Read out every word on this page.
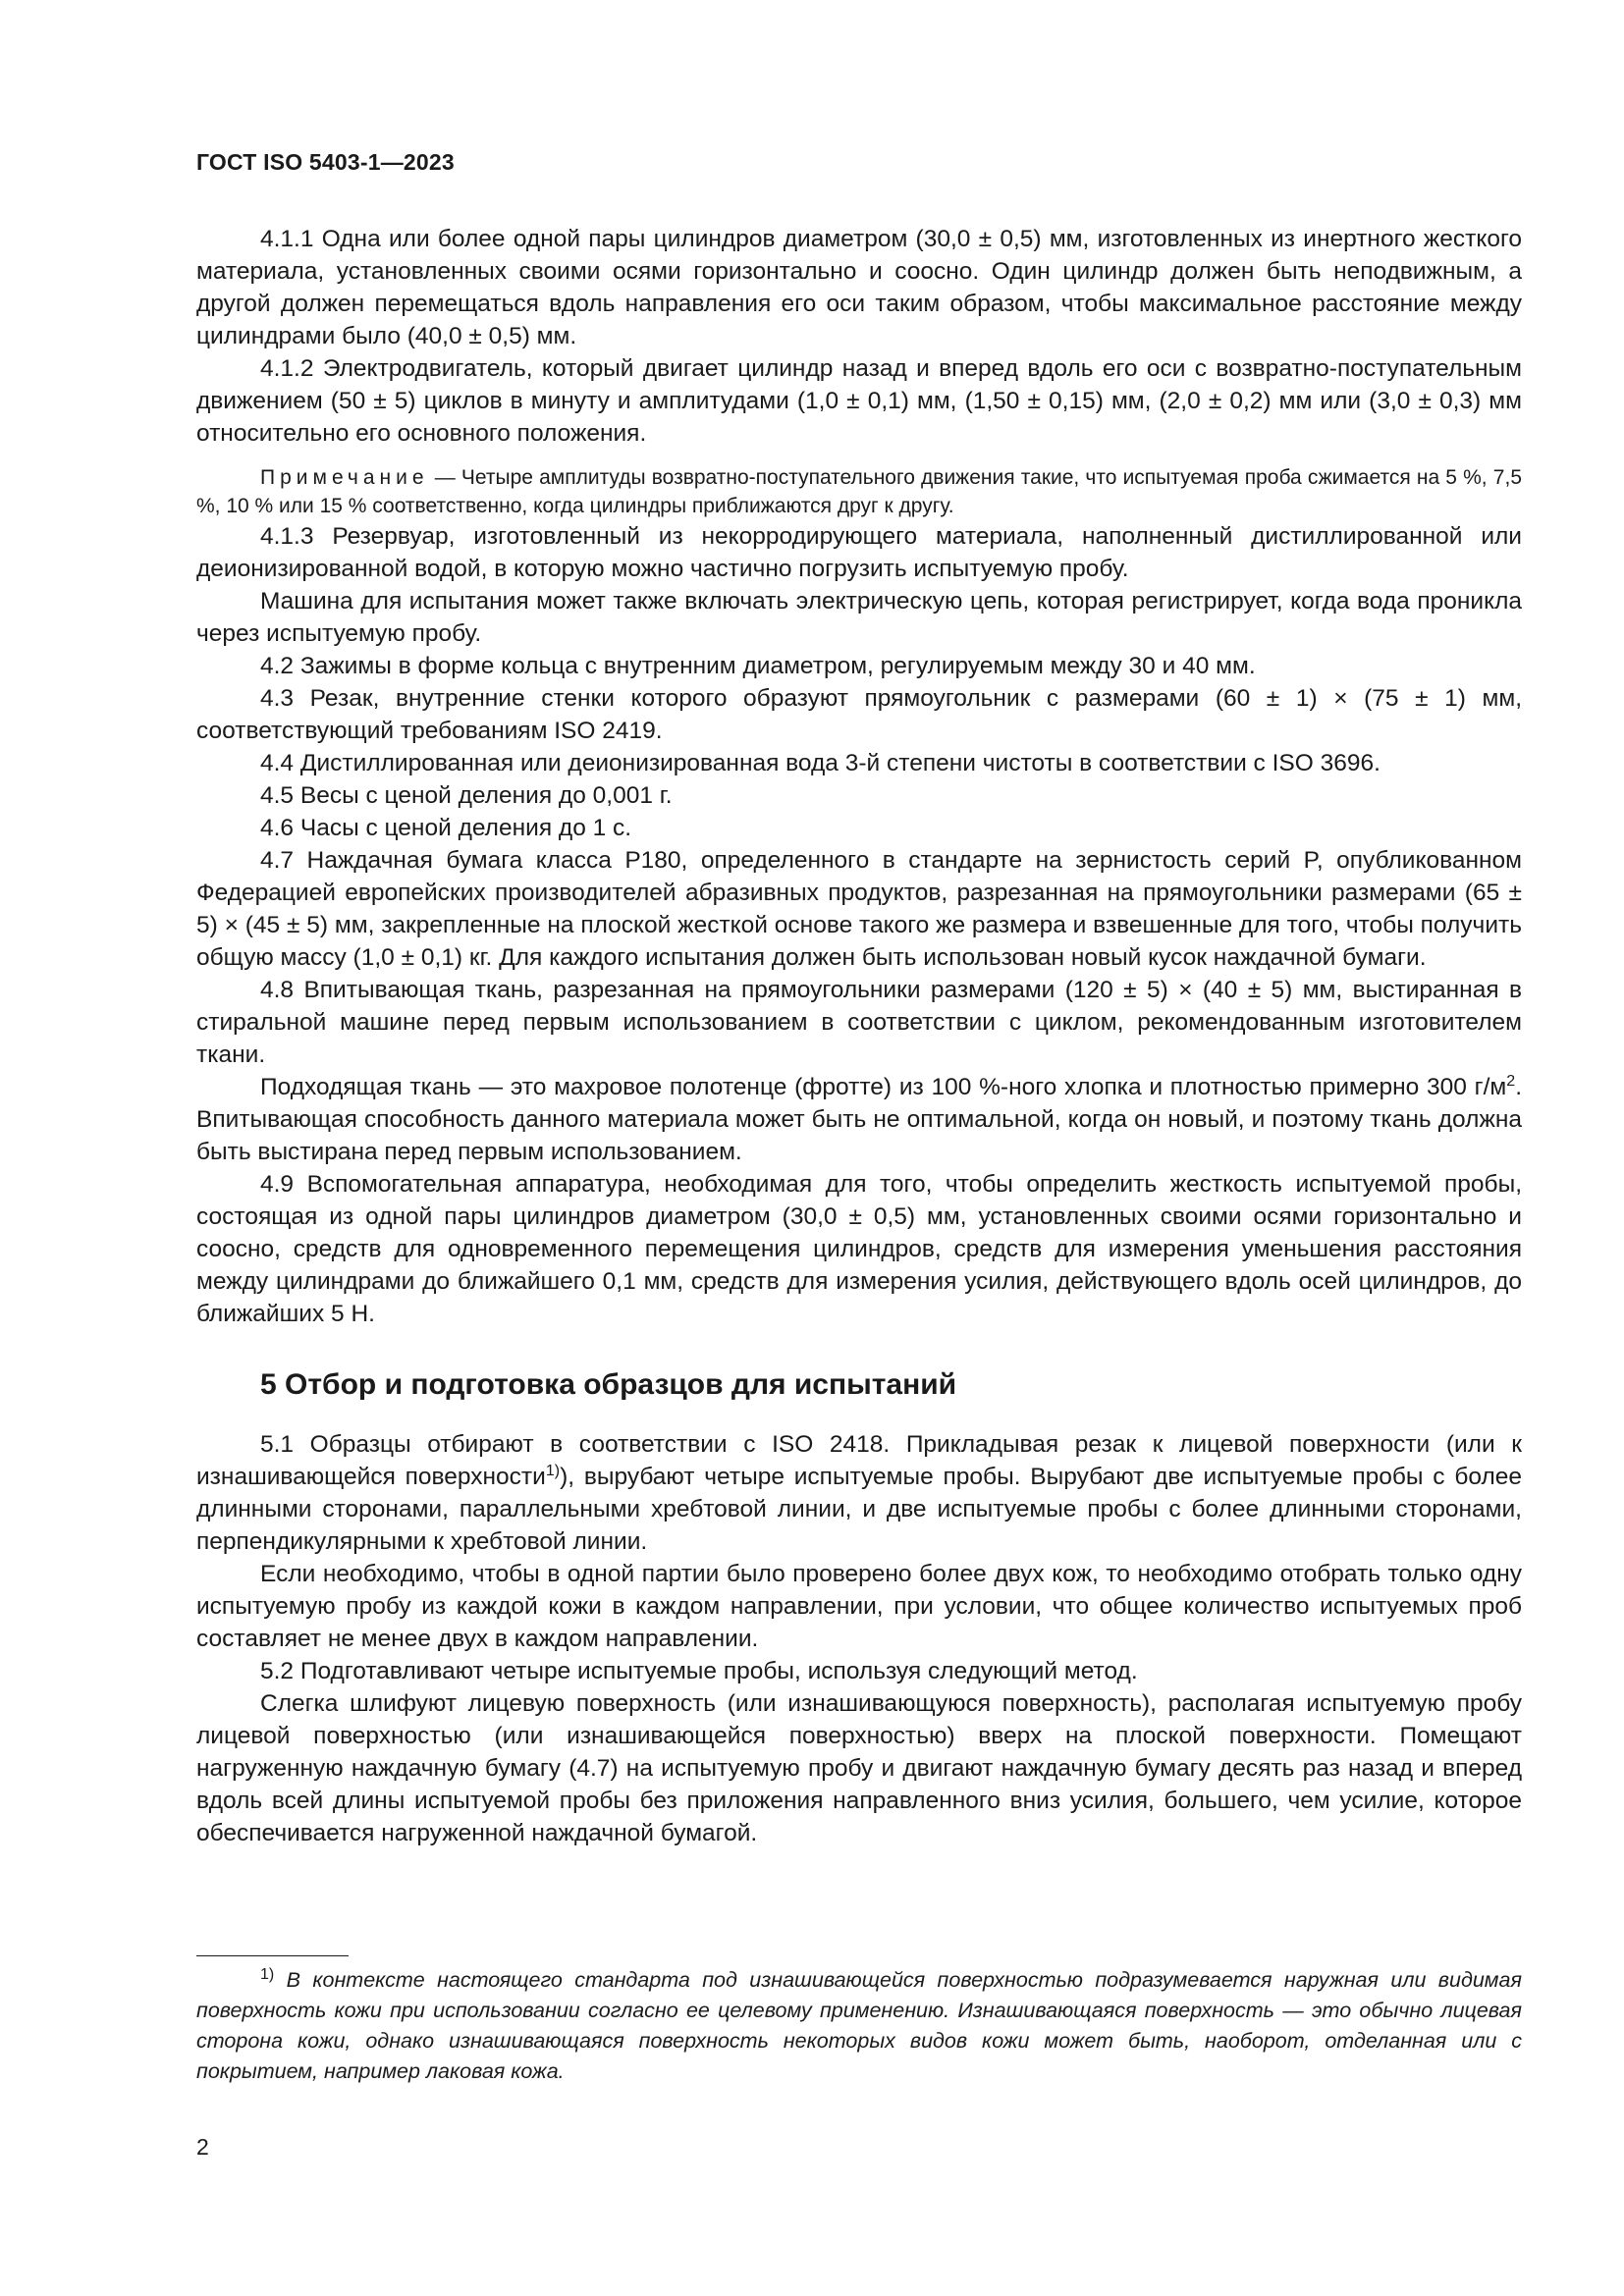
ГОСТ ISO 5403-1—2023

4.1.1 Одна или более одной пары цилиндров диаметром (30,0 ± 0,5) мм, изготовленных из инертного жесткого материала, установленных своими осями горизонтально и соосно. Один цилиндр должен быть неподвижным, а другой должен перемещаться вдоль направления его оси таким образом, чтобы максимальное расстояние между цилиндрами было (40,0 ± 0,5) мм.

4.1.2 Электродвигатель, который двигает цилиндр назад и вперед вдоль его оси с возвратно-поступательным движением (50 ± 5) циклов в минуту и амплитудами (1,0 ± 0,1) мм, (1,50 ± 0,15) мм, (2,0 ± 0,2) мм или (3,0 ± 0,3) мм относительно его основного положения.

Примечание — Четыре амплитуды возвратно-поступательного движения такие, что испытуемая проба сжимается на 5 %, 7,5 %, 10 % или 15 % соответственно, когда цилиндры приближаются друг к другу.

4.1.3 Резервуар, изготовленный из некорродирующего материала, наполненный дистиллированной или деионизированной водой, в которую можно частично погрузить испытуемую пробу.

Машина для испытания может также включать электрическую цепь, которая регистрирует, когда вода проникла через испытуемую пробу.

4.2 Зажимы в форме кольца с внутренним диаметром, регулируемым между 30 и 40 мм.

4.3 Резак, внутренние стенки которого образуют прямоугольник с размерами (60 ± 1) × (75 ± 1) мм, соответствующий требованиям ISO 2419.

4.4 Дистиллированная или деионизированная вода 3-й степени чистоты в соответствии с ISO 3696.

4.5 Весы с ценой деления до 0,001 г.

4.6 Часы с ценой деления до 1 с.

4.7 Наждачная бумага класса P180, определенного в стандарте на зернистость серий P, опубликованном Федерацией европейских производителей абразивных продуктов, разрезанная на прямоугольники размерами (65 ± 5) × (45 ± 5) мм, закрепленные на плоской жесткой основе такого же размера и взвешенные для того, чтобы получить общую массу (1,0 ± 0,1) кг. Для каждого испытания должен быть использован новый кусок наждачной бумаги.

4.8 Впитывающая ткань, разрезанная на прямоугольники размерами (120 ± 5) × (40 ± 5) мм, выстиранная в стиральной машине перед первым использованием в соответствии с циклом, рекомендованным изготовителем ткани.

Подходящая ткань — это махровое полотенце (фротте) из 100 %-ного хлопка и плотностью примерно 300 $г/м^2$. Впитывающая способность данного материала может быть не оптимальной, когда он новый, и поэтому ткань должна быть выстирана перед первым использованием.

4.9 Вспомогательная аппаратура, необходимая для того, чтобы определить жесткость испытуемой пробы, состоящая из одной пары цилиндров диаметром (30,0 ± 0,5) мм, установленных своими осями горизонтально и соосно, средств для одновременного перемещения цилиндров, средств для измерения уменьшения расстояния между цилиндрами до ближайшего 0,1 мм, средств для измерения усилия, действующего вдоль осей цилиндров, до ближайших 5 Н.

5 Отбор и подготовка образцов для испытаний

5.1 Образцы отбирают в соответствии с ISO 2418. Прикладывая резак к лицевой поверхности (или к изнашивающейся поверхности$^{1)}$), вырубают четыре испытуемые пробы. Вырубают две испытуемые пробы с более длинными сторонами, параллельными хребтовой линии, и две испытуемые пробы с более длинными сторонами, перпендикулярными к хребтовой линии.

Если необходимо, чтобы в одной партии было проверено более двух кож, то необходимо отобрать только одну испытуемую пробу из каждой кожи в каждом направлении, при условии, что общее количество испытуемых проб составляет не менее двух в каждом направлении.

5.2 Подготавливают четыре испытуемые пробы, используя следующий метод.

Слегка шлифуют лицевую поверхность (или изнашивающуюся поверхность), располагая испытуемую пробу лицевой поверхностью (или изнашивающейся поверхностью) вверх на плоской поверхности. Помещают нагруженную наждачную бумагу (4.7) на испытуемую пробу и двигают наждачную бумагу десять раз назад и вперед вдоль всей длины испытуемой пробы без приложения направленного вниз усилия, большего, чем усилие, которое обеспечивается нагруженной наждачной бумагой.

$^{1)}$ В контексте настоящего стандарта под изнашивающейся поверхностью подразумевается наружная или видимая поверхность кожи при использовании согласно ее целевому применению. Изнашивающаяся поверхность — это обычно лицевая сторона кожи, однако изнашивающаяся поверхность некоторых видов кожи может быть, наоборот, отделанная или с покрытием, например лаковая кожа.

2
